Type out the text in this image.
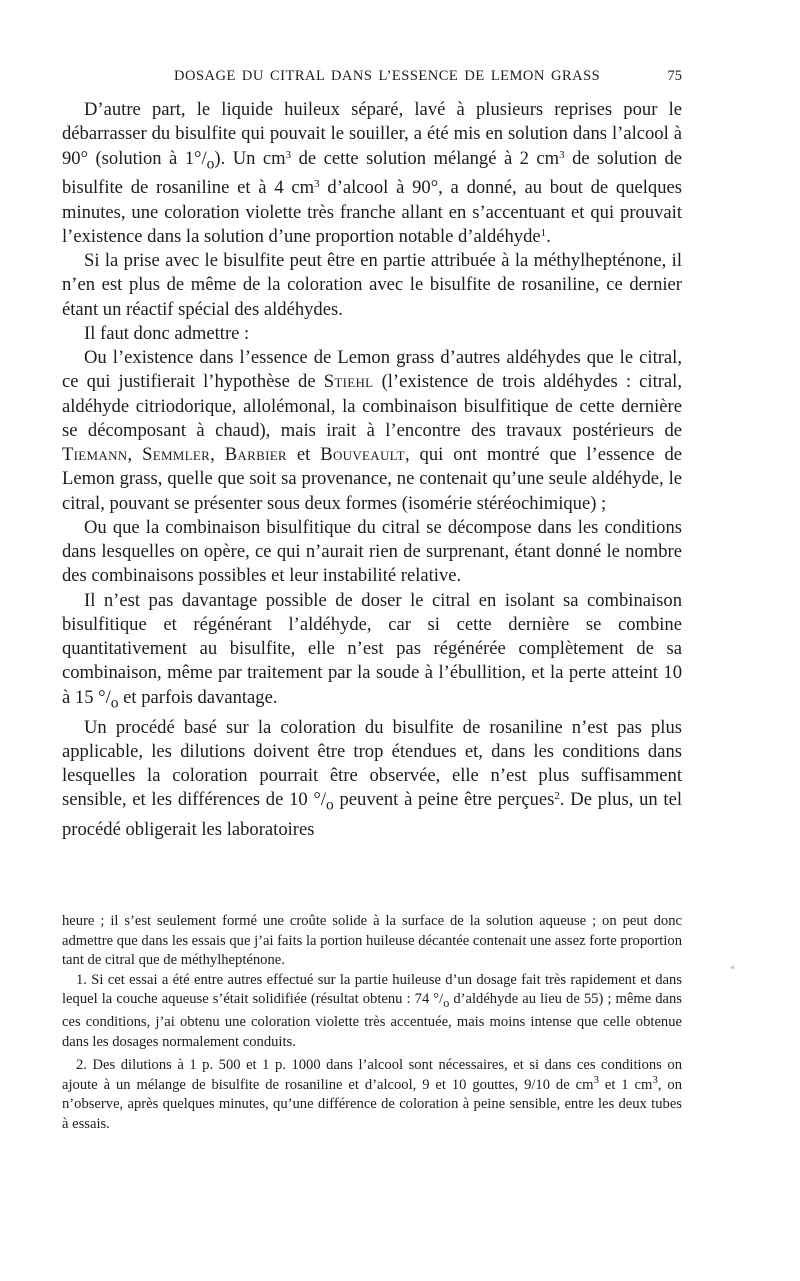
DOSAGE DU CITRAL DANS L’ESSENCE DE LEMON GRASS	75

D’autre part, le liquide huileux séparé, lavé à plusieurs reprises pour le débarrasser du bisulfite qui pouvait le souiller, a été mis en solution dans l’alcool à 90° (solution à $1^\circ/_o$). Un $cm^3$ de cette solution mélangé à 2 $cm^3$ de solution de bisulfite de rosaniline et à 4 $cm^3$ d’alcool à 90°, a donné, au bout de quelques minutes, une coloration violette très franche allant en s’accentuant et qui prouvait l’existence dans la solution d’une proportion notable d’aldéhyde$^1$.

Si la prise avec le bisulfite peut être en partie attribuée à la méthylhepténone, il n’en est plus de même de la coloration avec le bisulfite de rosaniline, ce dernier étant un réactif spécial des aldéhydes.

Il faut donc admettre :

Ou l’existence dans l’essence de Lemon grass d’autres aldéhydes que le citral, ce qui justifierait l’hypothèse de Stiehl (l’existence de trois aldéhydes : citral, aldéhyde citriodorique, allolémonal, la combinaison bisulfitique de cette dernière se décomposant à chaud), mais irait à l’encontre des travaux postérieurs de Tiemann, Semmler, Barbier et Bouveault, qui ont montré que l’essence de Lemon grass, quelle que soit sa provenance, ne contenait qu’une seule aldéhyde, le citral, pouvant se présenter sous deux formes (isomérie stéréochimique) ;

Ou que la combinaison bisulfitique du citral se décompose dans les conditions dans lesquelles on opère, ce qui n’aurait rien de surprenant, étant donné le nombre des combinaisons possibles et leur instabilité relative.

Il n’est pas davantage possible de doser le citral en isolant sa combinaison bisulfitique et régénérant l’aldéhyde, car si cette dernière se combine quantitativement au bisulfite, elle n’est pas régénérée complètement de sa combinaison, même par traitement par la soude à l’ébullition, et la perte atteint 10 à 15 $^\circ/_o$ et parfois davantage.

Un procédé basé sur la coloration du bisulfite de rosaniline n’est pas plus applicable, les dilutions doivent être trop étendues et, dans les conditions dans lesquelles la coloration pourrait être observée, elle n’est plus suffisamment sensible, et les différences de 10 $^\circ/_o$ peuvent à peine être perçues$^2$. De plus, un tel procédé obligerait les laboratoires

heure ; il s’est seulement formé une croûte solide à la surface de la solution aqueuse ; on peut donc admettre que dans les essais que j’ai faits la portion huileuse décantée contenait une assez forte proportion tant de citral que de méthylhepténone.

1. Si cet essai a été entre autres effectué sur la partie huileuse d’un dosage fait très rapidement et dans lequel la couche aqueuse s’était solidifiée (résultat obtenu : 74 $^\circ/_o$ d’aldéhyde au lieu de 55) ; même dans ces conditions, j’ai obtenu une coloration violette très accentuée, mais moins intense que celle obtenue dans les dosages normalement conduits.

2. Des dilutions à 1 p. 500 et 1 p. 1000 dans l’alcool sont nécessaires, et si dans ces conditions on ajoute à un mélange de bisulfite de rosaniline et d’alcool, 9 et 10 gouttes, 9/10 de $cm^3$ et 1 $cm^3$, on n’observe, après quelques minutes, qu’une différence de coloration à peine sensible, entre les deux tubes à essais.

«
